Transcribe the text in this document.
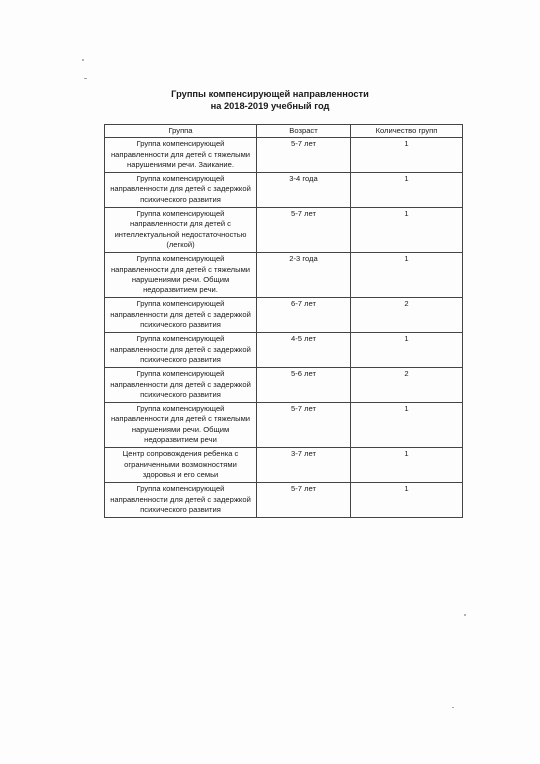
Группы компенсирующей направленности
на 2018-2019 учебный год
Группа	Возраст	Количество групп
Группа компенсирующей направленности для детей с тяжелыми нарушениями речи. Заикание.	5-7 лет	1
Группа компенсирующей направленности для детей с задержкой психического развития	3-4 года	1
Группа компенсирующей направленности для детей с интеллектуальной недостаточностью (легкой)	5-7 лет	1
Группа компенсирующей направленности для детей с тяжелыми нарушениями речи. Общим недоразвитием речи.	2-3 года	1
Группа компенсирующей направленности для детей с задержкой психического развития	6-7 лет	2
Группа компенсирующей направленности для детей с задержкой психического развития	4-5 лет	1
Группа компенсирующей направленности для детей с задержкой психического развития	5-6 лет	2
Группа компенсирующей направленности для детей с тяжелыми нарушениями речи. Общим недоразвитием речи	5-7 лет	1
Центр сопровождения ребенка с ограниченными возможностями здоровья и его семьи	3-7 лет	1
Группа компенсирующей направленности для детей с задержкой психического развития	5-7 лет	1
